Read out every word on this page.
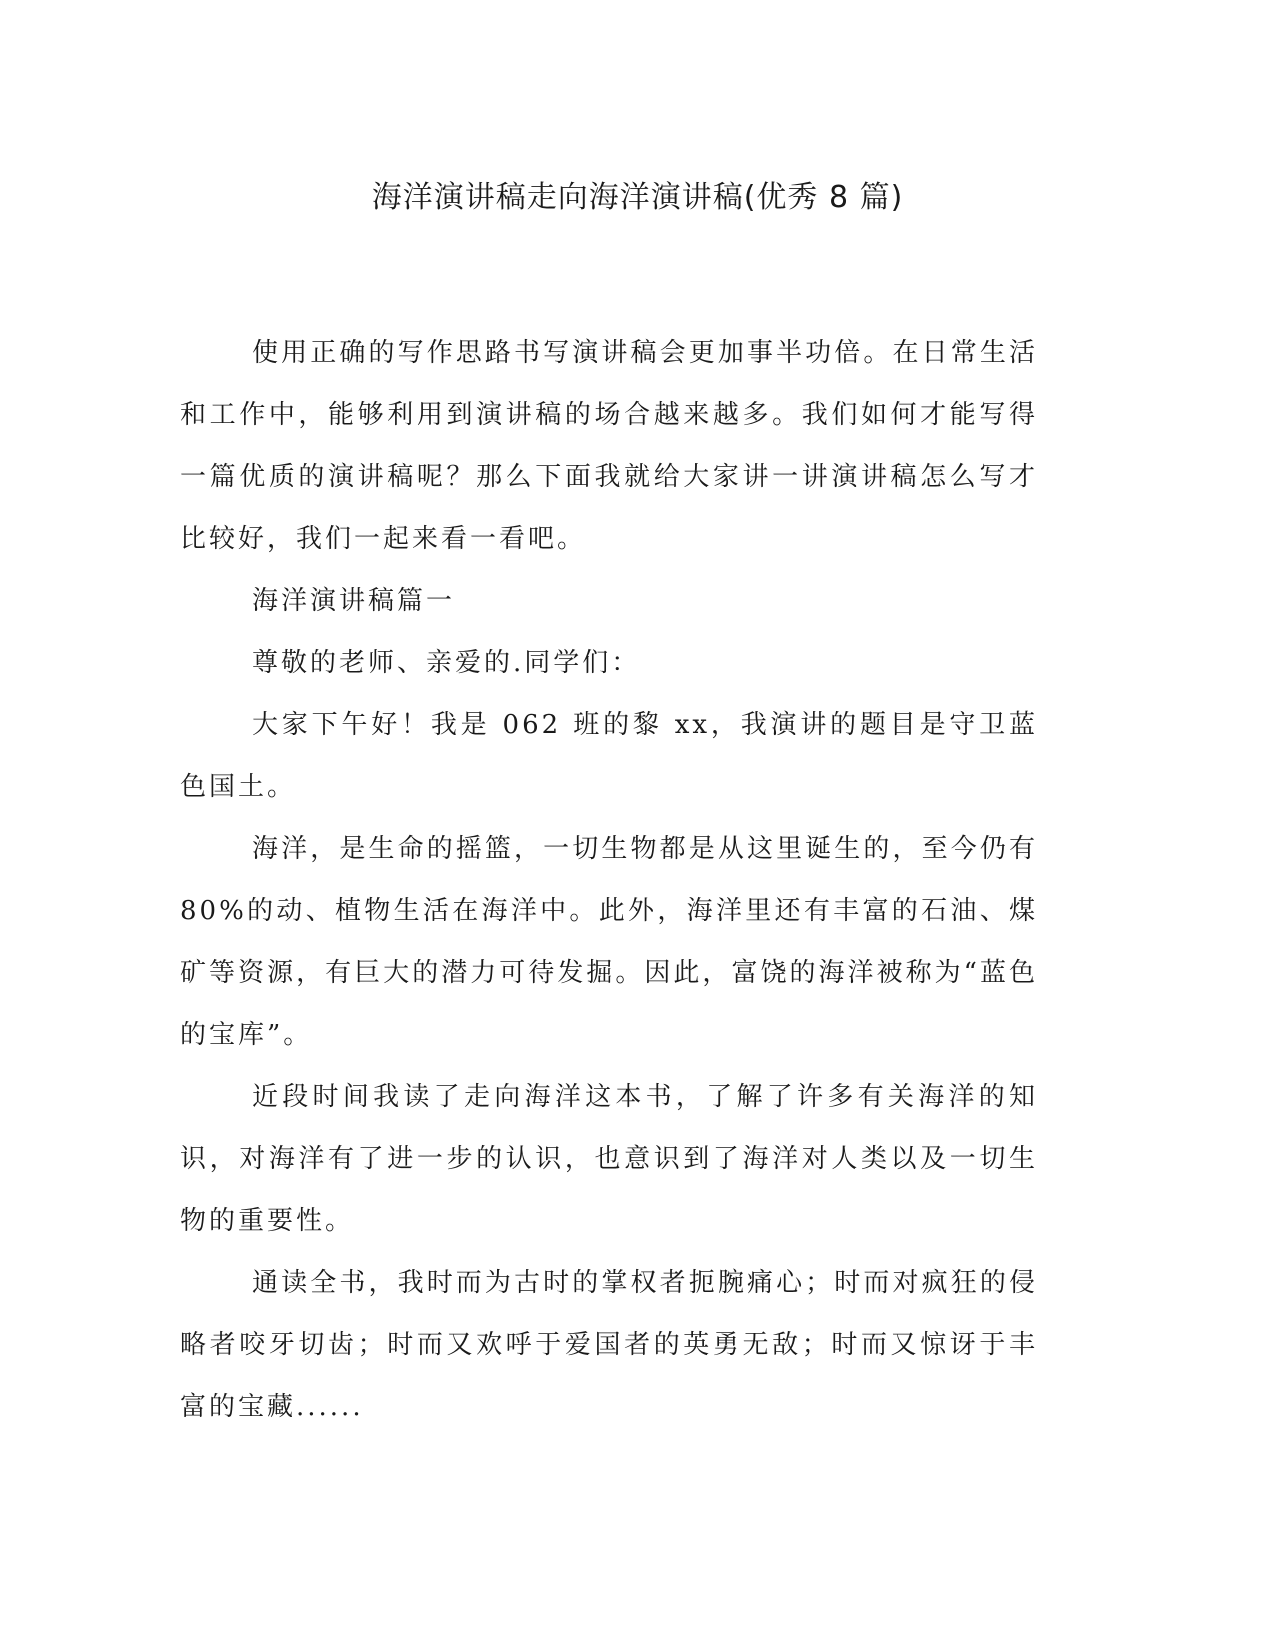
海洋演讲稿走向海洋演讲稿(优秀 8 篇)

使用正确的写作思路书写演讲稿会更加事半功倍。在日常生活和工作中，能够利用到演讲稿的场合越来越多。我们如何才能写得一篇优质的演讲稿呢？那么下面我就给大家讲一讲演讲稿怎么写才比较好，我们一起来看一看吧。

海洋演讲稿篇一

尊敬的老师、亲爱的.同学们：

大家下午好！我是 062 班的黎 xx，我演讲的题目是守卫蓝色国土。

海洋，是生命的摇篮，一切生物都是从这里诞生的，至今仍有 80%的动、植物生活在海洋中。此外，海洋里还有丰富的石油、煤矿等资源，有巨大的潜力可待发掘。因此，富饶的海洋被称为“蓝色的宝库”。

近段时间我读了走向海洋这本书，了解了许多有关海洋的知识，对海洋有了进一步的认识，也意识到了海洋对人类以及一切生物的重要性。

通读全书，我时而为古时的掌权者扼腕痛心；时而对疯狂的侵略者咬牙切齿；时而又欢呼于爱国者的英勇无敌；时而又惊讶于丰富的宝藏......
